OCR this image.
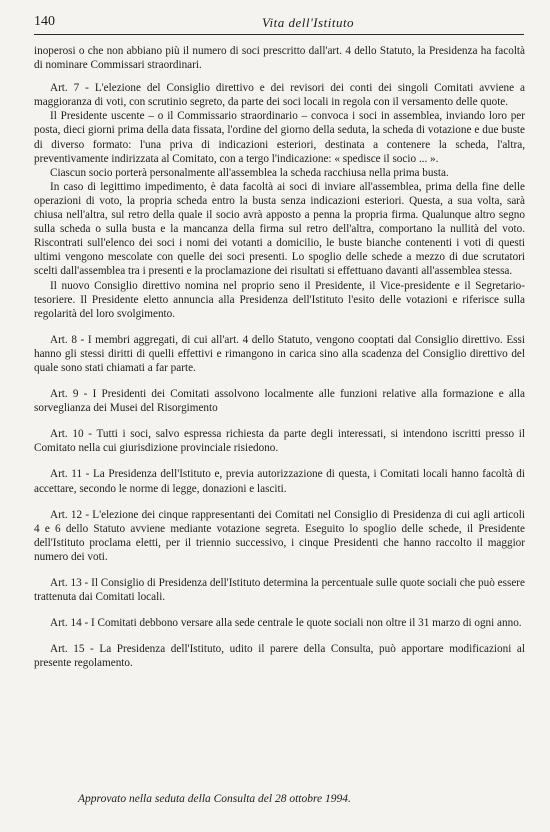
140	Vita dell'Istituto

inoperosi o che non abbiano più il numero di soci prescritto dall'art. 4 dello Statuto, la Presidenza ha facoltà di nominare Commissari straordinari.

Art. 7 - L'elezione del Consiglio direttivo e dei revisori dei conti dei singoli Comitati avviene a maggioranza di voti, con scrutinio segreto, da parte dei soci locali in regola con il versamento delle quote.

Il Presidente uscente – o il Commissario straordinario – convoca i soci in assemblea, inviando loro per posta, dieci giorni prima della data fissata, l'ordine del giorno della seduta, la scheda di votazione e due buste di diverso formato: l'una priva di indicazioni esteriori, destinata a contenere la scheda, l'altra, preventivamente indirizzata al Comitato, con a tergo l'indicazione: « spedisce il socio ... ».

Ciascun socio porterà personalmente all'assemblea la scheda racchiusa nella prima busta.

In caso di legittimo impedimento, è data facoltà ai soci di inviare all'assemblea, prima della fine delle operazioni di voto, la propria scheda entro la busta senza indicazioni esteriori. Questa, a sua volta, sarà chiusa nell'altra, sul retro della quale il socio avrà apposto a penna la propria firma. Qualunque altro segno sulla scheda o sulla busta e la mancanza della firma sul retro dell'altra, comportano la nullità del voto. Riscontrati sull'elenco dei soci i nomi dei votanti a domicilio, le buste bianche contenenti i voti di questi ultimi vengono mescolate con quelle dei soci presenti. Lo spoglio delle schede a mezzo di due scrutatori scelti dall'assemblea tra i presenti e la proclamazione dei risultati si effettuano davanti all'assemblea stessa.

Il nuovo Consiglio direttivo nomina nel proprio seno il Presidente, il Vice-presidente e il Segretario-tesoriere. Il Presidente eletto annuncia alla Presidenza dell'Istituto l'esito delle votazioni e riferisce sulla regolarità del loro svolgimento.

Art. 8 - I membri aggregati, di cui all'art. 4 dello Statuto, vengono cooptati dal Consiglio direttivo. Essi hanno gli stessi diritti di quelli effettivi e rimangono in carica sino alla scadenza del Consiglio direttivo del quale sono stati chiamati a far parte.

Art. 9 - I Presidenti dei Comitati assolvono localmente alle funzioni relative alla formazione e alla sorveglianza dei Musei del Risorgimento

Art. 10 - Tutti i soci, salvo espressa richiesta da parte degli interessati, si intendono iscritti presso il Comitato nella cui giurisdizione provinciale risiedono.

Art. 11 - La Presidenza dell'Istituto e, previa autorizzazione di questa, i Comitati locali hanno facoltà di accettare, secondo le norme di legge, donazioni e lasciti.

Art. 12 - L'elezione dei cinque rappresentanti dei Comitati nel Consiglio di Presidenza di cui agli articoli 4 e 6 dello Statuto avviene mediante votazione segreta. Eseguito lo spoglio delle schede, il Presidente dell'Istituto proclama eletti, per il triennio successivo, i cinque Presidenti che hanno raccolto il maggior numero dei voti.

Art. 13 - Il Consiglio di Presidenza dell'Istituto determina la percentuale sulle quote sociali che può essere trattenuta dai Comitati locali.

Art. 14 - I Comitati debbono versare alla sede centrale le quote sociali non oltre il 31 marzo di ogni anno.

Art. 15 - La Presidenza dell'Istituto, udito il parere della Consulta, può apportare modificazioni al presente regolamento.

Approvato nella seduta della Consulta del 28 ottobre 1994.
